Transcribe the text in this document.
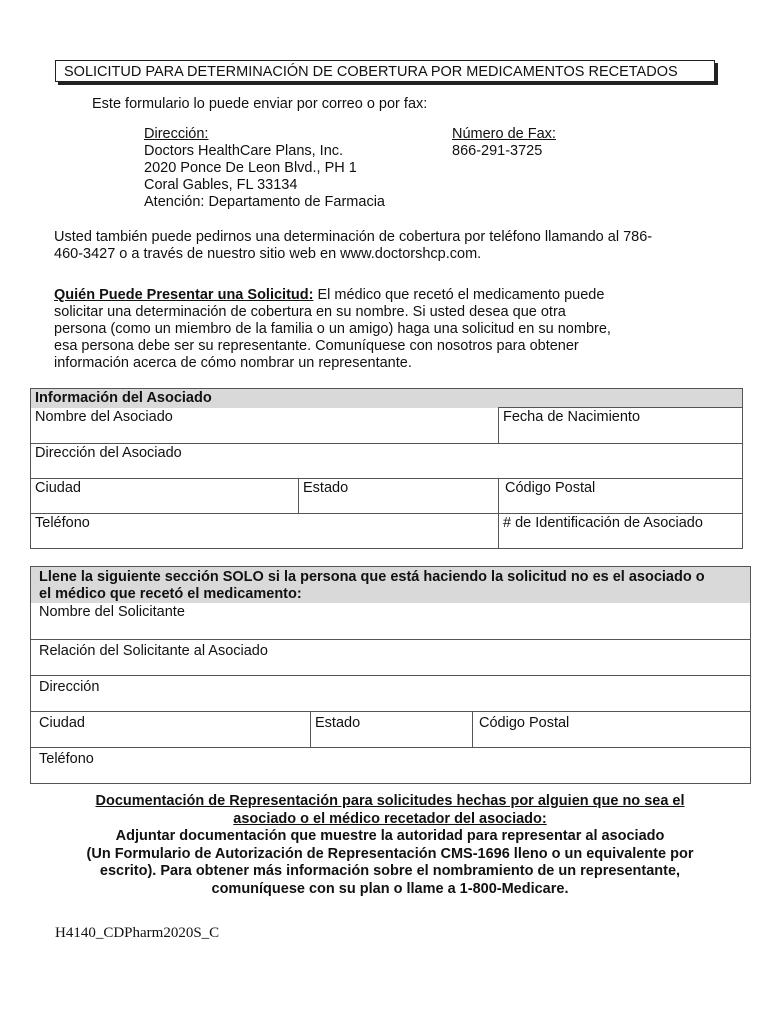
SOLICITUD PARA DETERMINACIÓN DE COBERTURA POR MEDICAMENTOS RECETADOS
Este formulario lo puede enviar por correo o por fax:
Dirección:
Doctors HealthCare Plans, Inc.
2020 Ponce De Leon Blvd., PH 1
Coral Gables, FL 33134
Atención: Departamento de Farmacia
Número de Fax:
866-291-3725
Usted también puede pedirnos una determinación de cobertura por teléfono llamando al 786-
460-3427 o a través de nuestro sitio web en www.doctorshcp.com.
Quién Puede Presentar una Solicitud: El médico que recetó el medicamento puede
solicitar una determinación de cobertura en su nombre. Si usted desea que otra
persona (como un miembro de la familia o un amigo) haga una solicitud en su nombre,
esa persona debe ser su representante. Comuníquese con nosotros para obtener
información acerca de cómo nombrar un representante.
Información del Asociado		
Nombre del Asociado		Fecha de Nacimiento
Dirección del Asociado		
Ciudad	Estado	Código Postal
Teléfono		# de Identificación de Asociado
Llene la siguiente sección SOLO si la persona que está haciendo la solicitud no es el asociado o
el médico que recetó el medicamento:

Nombre del Solicitante
Relación del Solicitante al Asociado
Dirección
Ciudad	Estado	Código Postal
Teléfono
Documentación de Representación para solicitudes hechas por alguien que no sea el
asociado o el médico recetador del asociado:
Adjuntar documentación que muestre la autoridad para representar al asociado
(Un Formulario de Autorización de Representación CMS-1696 lleno o un equivalente por
escrito). Para obtener más información sobre el nombramiento de un representante,
comuníquese con su plan o llame a 1-800-Medicare.
H4140_CDPharm2020S_C
